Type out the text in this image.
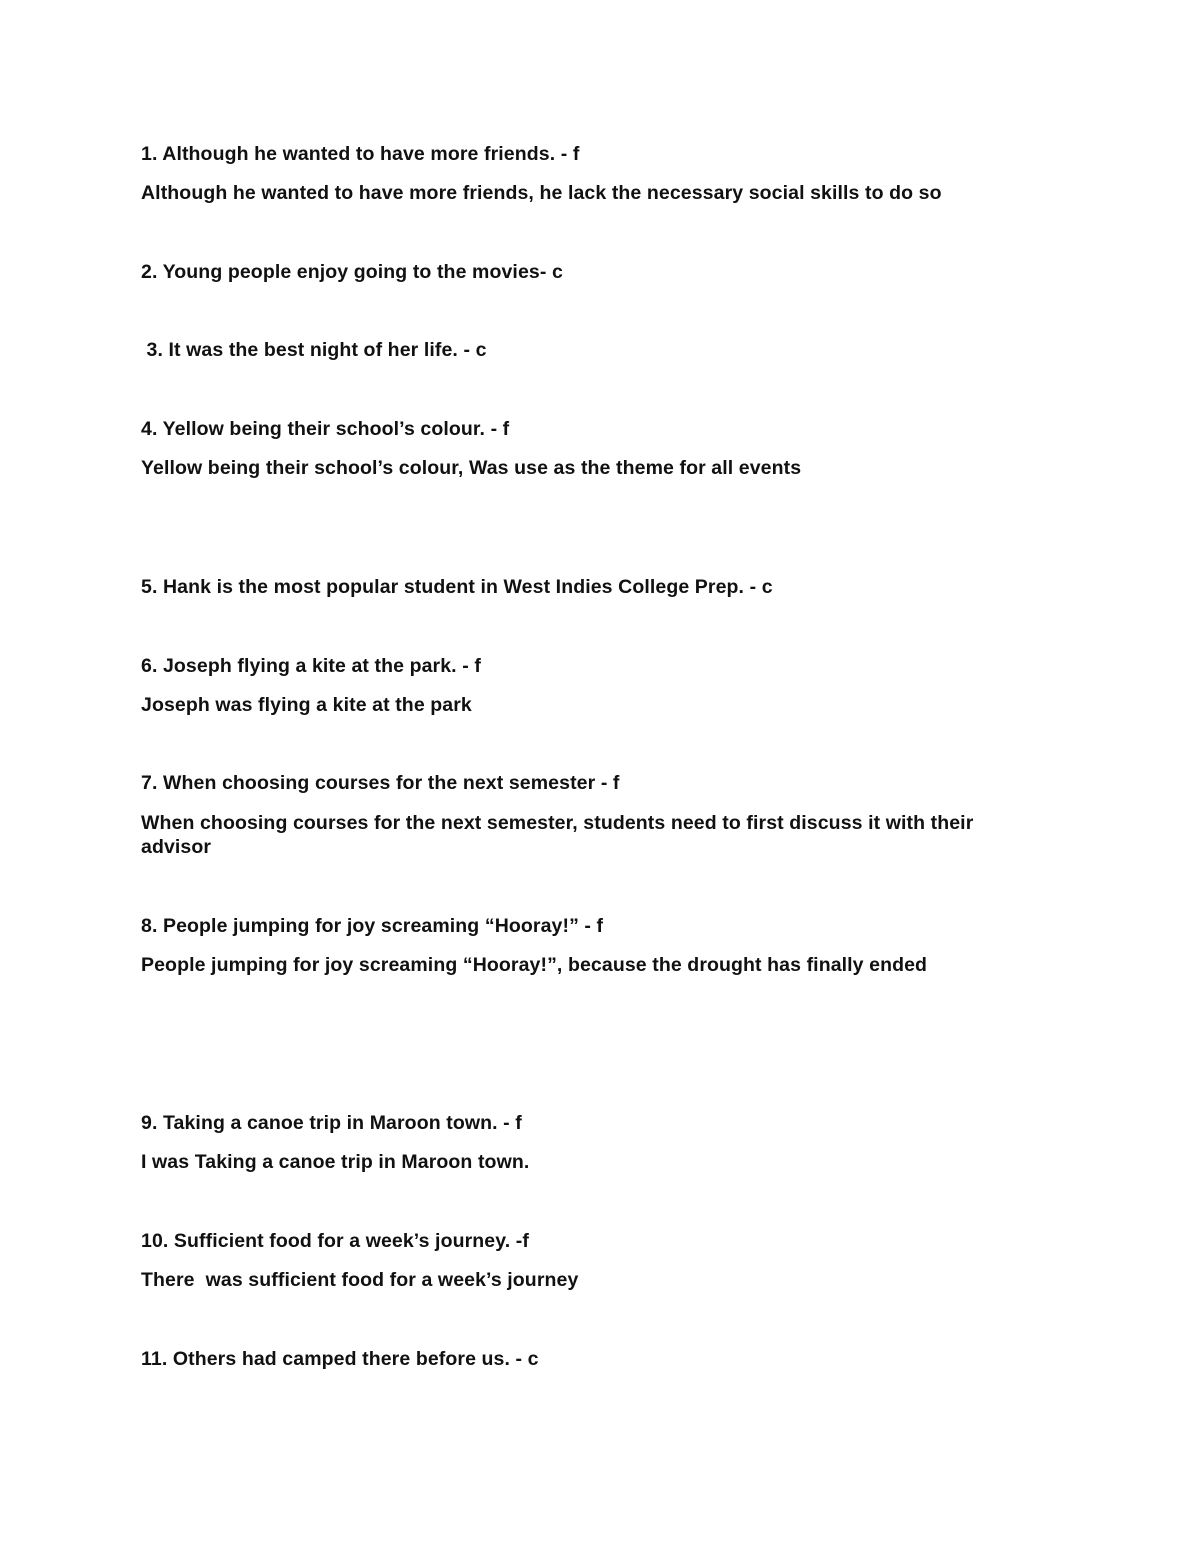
1. Although he wanted to have more friends. - f
Although he wanted to have more friends, he lack the necessary social skills to do so
2. Young people enjoy going to the movies- c
3. It was the best night of her life. - c
4. Yellow being their school’s colour. - f
Yellow being their school’s colour, Was use as the theme for all events
5. Hank is the most popular student in West Indies College Prep. - c
6. Joseph flying a kite at the park. - f
Joseph was flying a kite at the park
7. When choosing courses for the next semester - f
When choosing courses for the next semester, students need to first discuss it with their advisor
8. People jumping for joy screaming “Hooray!” - f
People jumping for joy screaming “Hooray!”, because the drought has finally ended
9. Taking a canoe trip in Maroon town. - f
I was Taking a canoe trip in Maroon town.
10. Sufficient food for a week’s journey. -f
There  was sufficient food for a week’s journey
11. Others had camped there before us. - c
